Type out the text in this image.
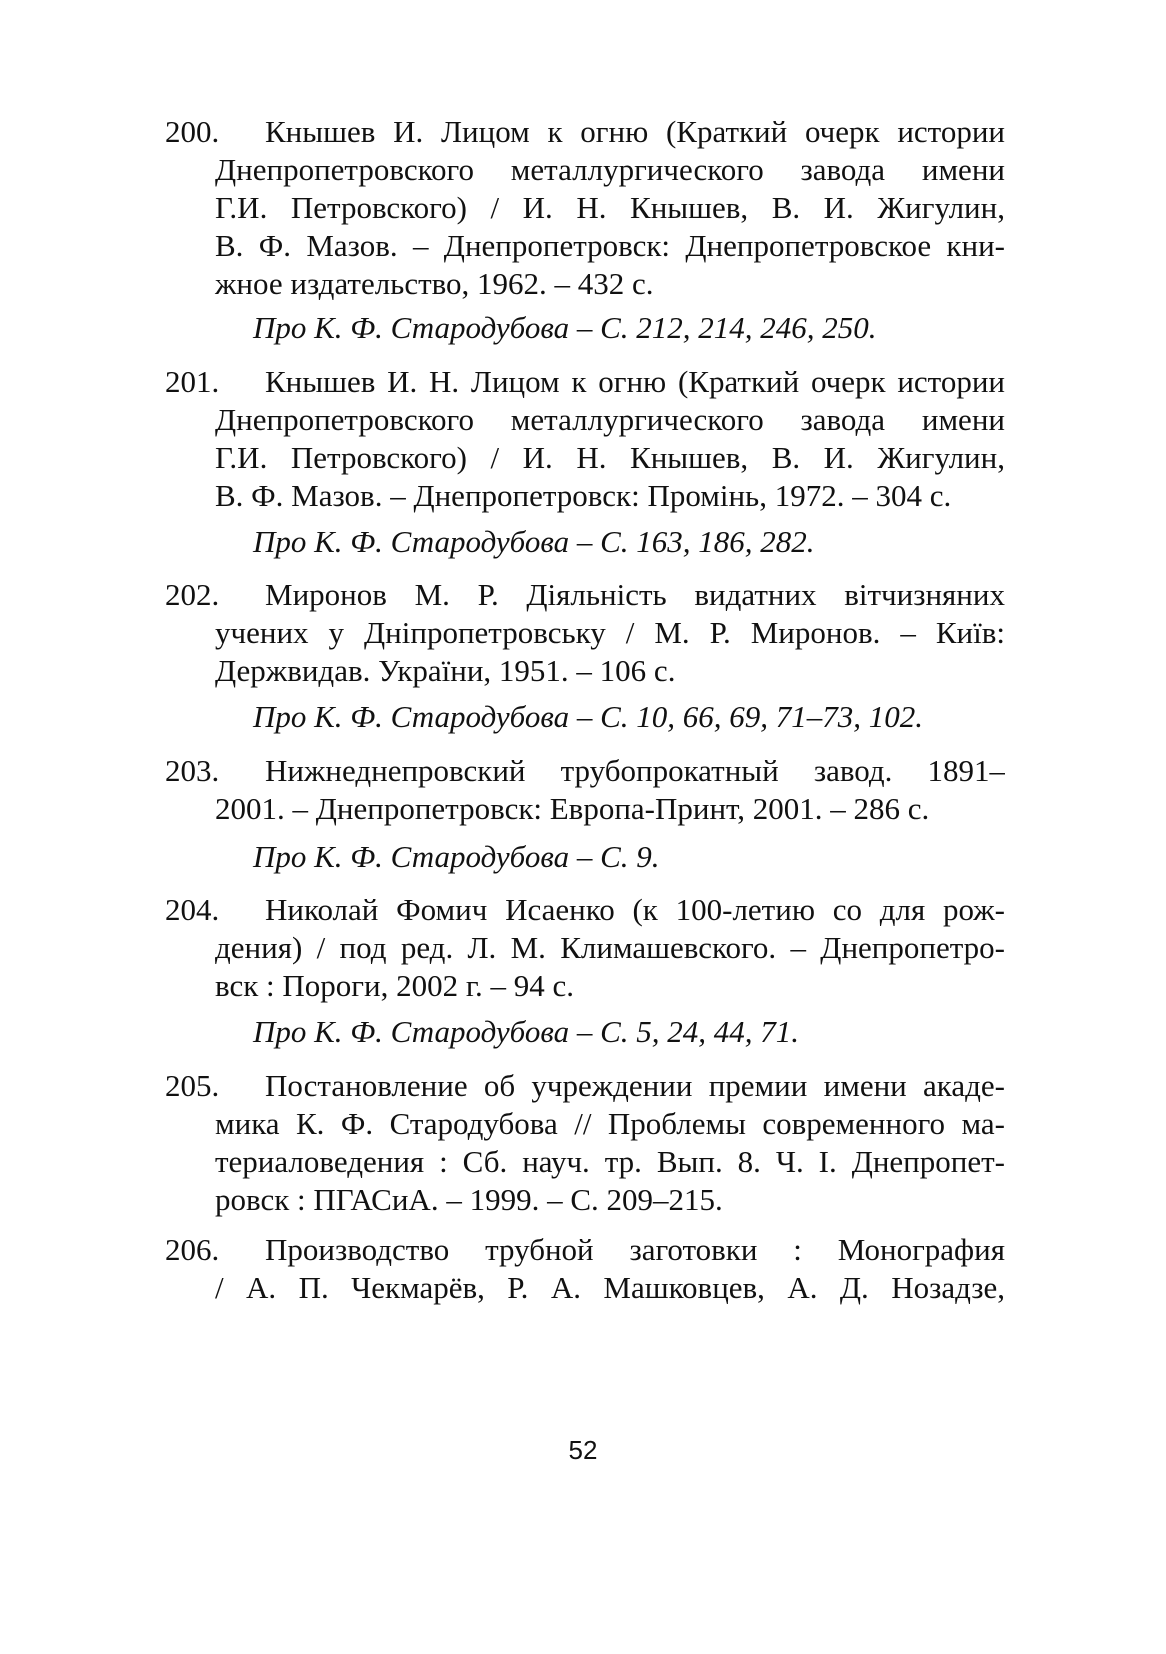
200.	Кнышев И. Лицом к огню (Краткий очерк истории
Днепропетровского металлургического завода имени
Г.И. Петровского) / И. Н. Кнышев, В. И. Жигулин,
В. Ф. Мазов. – Днепропетровск: Днепропетровское кни-
жное издательство, 1962. – 432 с.
Про К. Ф. Стародубова – С. 212, 214, 246, 250.
201.	Кнышев И. Н. Лицом к огню (Краткий очерк истории
Днепропетровского металлургического завода имени
Г.И. Петровского) / И. Н. Кнышев, В. И. Жигулин,
В. Ф. Мазов. – Днепропетровск: Промінь, 1972. – 304 с.
Про К. Ф. Стародубова – С. 163, 186, 282.
202.	Миронов М. Р. Діяльність видатних вітчизняних
учених у Дніпропетровську / М. Р. Миронов. – Київ:
Держвидав. України, 1951. – 106 с.
Про К. Ф. Стародубова – С. 10, 66, 69, 71–73, 102.
203.	Нижнеднепровский трубопрокатный завод. 1891–
2001. – Днепропетровск: Европа-Принт, 2001. – 286 с.
Про К. Ф. Стародубова – С. 9.
204.	Николай Фомич Исаенко (к 100-летию со для рож-
дения) / под ред. Л. М. Климашевского. – Днепропетро-
вск : Пороги, 2002 г. – 94 с.
Про К. Ф. Стародубова – С. 5, 24, 44, 71.
205.	Постановление об учреждении премии имени акаде-
мика К. Ф. Стародубова // Проблемы современного ма-
териаловедения : Сб. науч. тр. Вып. 8. Ч. I. Днепропет-
ровск : ПГАСиА. – 1999. – С. 209–215.
206.	Производство трубной заготовки : Монография
/ А. П. Чекмарёв, Р. А. Машковцев, А. Д. Нозадзе,
52
